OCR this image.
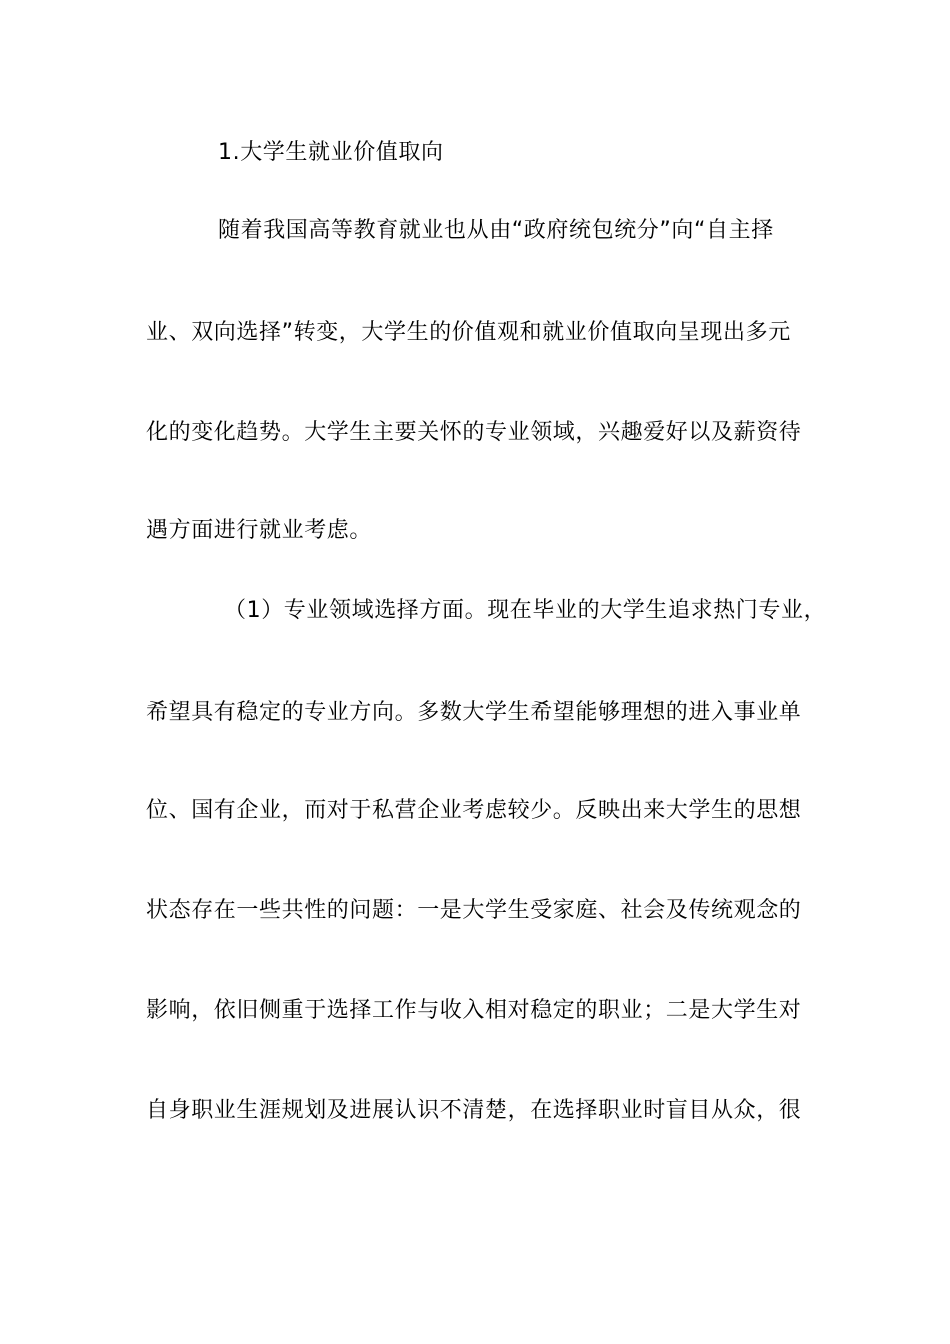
1.大学生就业价值取向
随着我国高等教育就业也从由“政府统包统分”向“自主择
业、双向选择”转变，大学生的价值观和就业价值取向呈现出多元
化的变化趋势。大学生主要关怀的专业领域，兴趣爱好以及薪资待
遇方面进行就业考虑。
（1）专业领域选择方面。现在毕业的大学生追求热门专业，
希望具有稳定的专业方向。多数大学生希望能够理想的进入事业单
位、国有企业，而对于私营企业考虑较少。反映出来大学生的思想
状态存在一些共性的问题：一是大学生受家庭、社会及传统观念的
影响，依旧侧重于选择工作与收入相对稳定的职业；二是大学生对
自身职业生涯规划及进展认识不清楚，在选择职业时盲目从众，很
